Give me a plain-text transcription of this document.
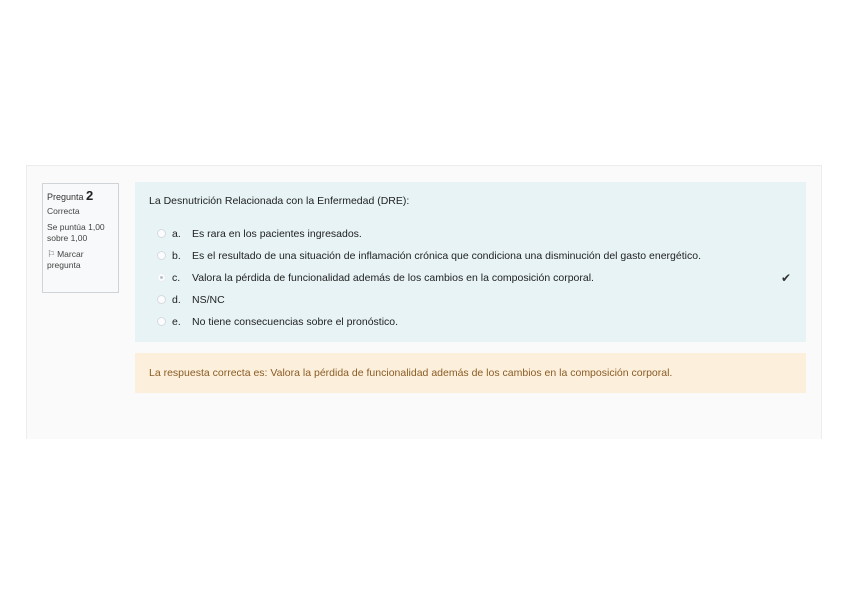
Pregunta 2
Correcta
Se puntúa 1,00 sobre 1,00
⚐ Marcar pregunta
La Desnutrición Relacionada con la Enfermedad (DRE):
a. Es rara en los pacientes ingresados.
b. Es el resultado de una situación de inflamación crónica que condiciona una disminución del gasto energético.
c. Valora la pérdida de funcionalidad además de los cambios en la composición corporal.	✔
d. NS/NC
e. No tiene consecuencias sobre el pronóstico.
La respuesta correcta es: Valora la pérdida de funcionalidad además de los cambios en la composición corporal.
